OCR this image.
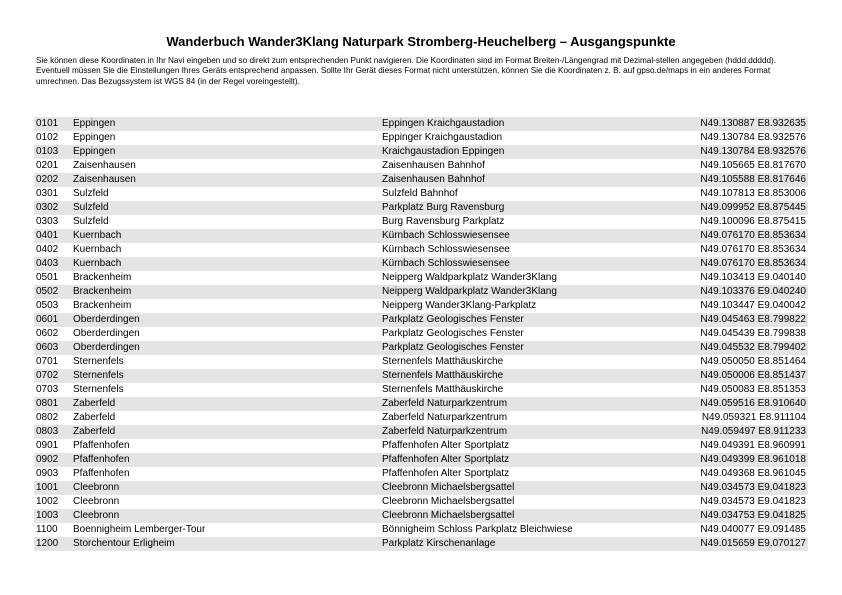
Wanderbuch Wander3Klang Naturpark Stromberg-Heuchelberg – Ausgangspunkte

Sie können diese Koordinaten in Ihr Navi eingeben und so direkt zum entsprechenden Punkt navigieren. Die Koordinaten sind im Format Breiten-/Längengrad mit Dezimal-stellen angegeben (hddd.ddddd).

Eventuell müssen Sie die Einstellungen Ihres Geräts entsprechend anpassen. Sollte Ihr Gerät dieses Format nicht unterstützen, können Sie die Koordinaten z. B. auf gpso.de/maps in ein anderes Format umrechnen. Das Bezugssystem ist WGS 84 (in der Regel voreingestellt).

0101	Eppingen	Eppingen Kraichgaustadion	N49.130887 E8.932635
0102	Eppingen	Eppinger Kraichgaustadion	N49.130784 E8.932576
0103	Eppingen	Kraichgaustadion Eppingen	N49.130784 E8.932576
0201	Zaisenhausen	Zaisenhausen Bahnhof	N49.105665 E8.817670
0202	Zaisenhausen	Zaisenhausen Bahnhof	N49.105588 E8.817646
0301	Sulzfeld	Sulzfeld Bahnhof	N49.107813 E8.853006
0302	Sulzfeld	Parkplatz Burg Ravensburg	N49.099952 E8.875445
0303	Sulzfeld	Burg Ravensburg Parkplatz	N49.100096 E8.875415
0401	Kuernbach	Kürnbach Schlosswiesensee	N49.076170 E8.853634
0402	Kuernbach	Kürnbach Schlosswiesensee	N49.076170 E8.853634
0403	Kuernbach	Kürnbach Schlosswiesensee	N49.076170 E8.853634
0501	Brackenheim	Neipperg Waldparkplatz Wander3Klang	N49.103413 E9.040140
0502	Brackenheim	Neipperg Waldparkplatz Wander3Klang	N49.103376 E9.040240
0503	Brackenheim	Neipperg Wander3Klang-Parkplatz	N49.103447 E9.040042
0601	Oberderdingen	Parkplatz Geologisches Fenster	N49.045463 E8.799822
0602	Oberderdingen	Parkplatz Geologisches Fenster	N49.045439 E8.799838
0603	Oberderdingen	Parkplatz Geologisches Fenster	N49.045532 E8.799402
0701	Sternenfels	Sternenfels Matthäuskirche	N49.050050 E8.851464
0702	Sternenfels	Sternenfels Matthäuskirche	N49.050006 E8.851437
0703	Sternenfels	Sternenfels Matthäuskirche	N49.050083 E8.851353
0801	Zaberfeld	Zaberfeld Naturparkzentrum	N49.059516 E8.910640
0802	Zaberfeld	Zaberfeld Naturparkzentrum	N49.059321 E8.911104
0803	Zaberfeld	Zaberfeld Naturparkzentrum	N49.059497 E8.911233
0901	Pfaffenhofen	Pfaffenhofen Alter Sportplatz	N49.049391 E8.960991
0902	Pfaffenhofen	Pfaffenhofen Alter Sportplatz	N49.049399 E8.961018
0903	Pfaffenhofen	Pfaffenhofen Alter Sportplatz	N49.049368 E8.961045
1001	Cleebronn	Cleebronn Michaelsbergsattel	N49.034573 E9.041823
1002	Cleebronn	Cleebronn Michaelsbergsattel	N49.034573 E9.041823
1003	Cleebronn	Cleebronn Michaelsbergsattel	N49.034753 E9.041825
1100	Boennigheim Lemberger-Tour	Bönnigheim Schloss Parkplatz Bleichwiese	N49.040077 E9.091485
1200	Storchentour Erligheim	Parkplatz Kirschenanlage	N49.015659 E9.070127
